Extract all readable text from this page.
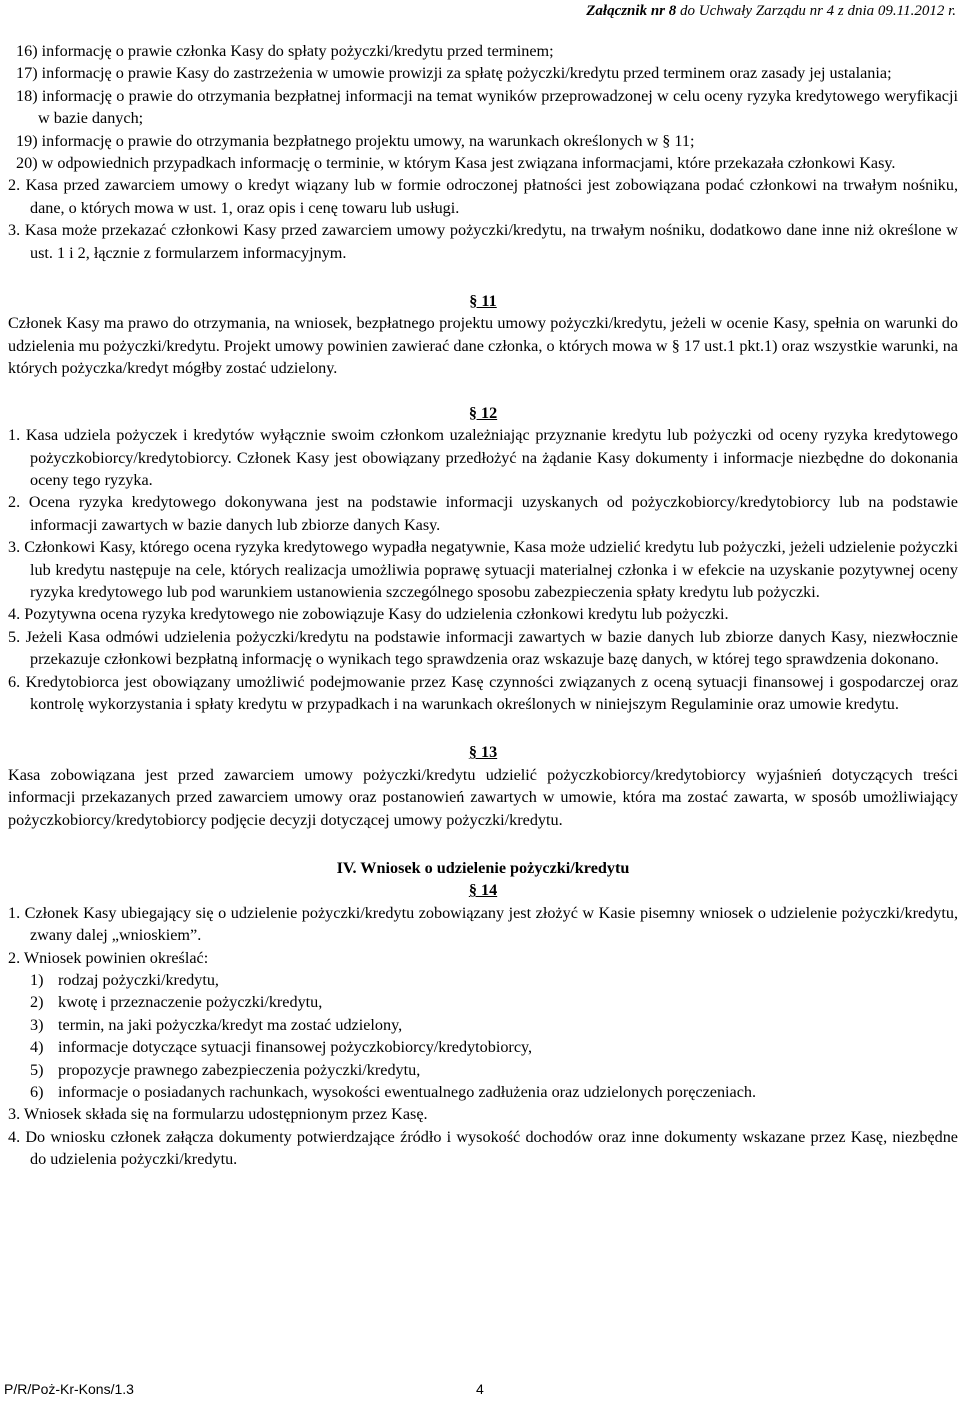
Załącznik nr 8 do Uchwały Zarządu nr 4 z dnia 09.11.2012 r.
16) informację o prawie członka Kasy do spłaty pożyczki/kredytu przed terminem;
17) informację o prawie Kasy do zastrzeżenia w umowie prowizji za spłatę pożyczki/kredytu przed terminem oraz zasady jej ustalania;
18) informację o prawie do otrzymania bezpłatnej informacji na temat wyników przeprowadzonej w celu oceny ryzyka kredytowego weryfikacji w bazie danych;
19) informację o prawie do otrzymania bezpłatnego projektu umowy, na warunkach określonych w § 11;
20) w odpowiednich przypadkach informację o terminie, w którym Kasa jest związana informacjami, które przekazała członkowi Kasy.
2. Kasa przed zawarciem umowy o kredyt wiązany lub w formie odroczonej płatności jest zobowiązana podać członkowi na trwałym nośniku, dane, o których mowa w ust. 1, oraz opis i cenę towaru lub usługi.
3. Kasa może przekazać członkowi Kasy przed zawarciem umowy pożyczki/kredytu, na trwałym nośniku, dodatkowo dane inne niż określone w ust. 1 i 2, łącznie z formularzem informacyjnym.
§ 11
Członek Kasy ma prawo do otrzymania, na wniosek, bezpłatnego projektu umowy pożyczki/kredytu, jeżeli w ocenie Kasy, spełnia on warunki do udzielenia mu pożyczki/kredytu. Projekt umowy powinien zawierać dane członka, o których mowa w § 17 ust.1 pkt.1) oraz wszystkie warunki, na których pożyczka/kredyt mógłby zostać udzielony.
§ 12
1. Kasa udziela pożyczek i kredytów wyłącznie swoim członkom uzależniając przyznanie kredytu lub pożyczki od oceny ryzyka kredytowego pożyczkobiorcy/kredytobiorcy. Członek Kasy jest obowiązany przedłożyć na żądanie Kasy dokumenty i informacje niezbędne do dokonania oceny tego ryzyka.
2. Ocena ryzyka kredytowego dokonywana jest na podstawie informacji uzyskanych od pożyczkobiorcy/kredytobiorcy lub na podstawie informacji zawartych w bazie danych lub zbiorze danych Kasy.
3. Członkowi Kasy, którego ocena ryzyka kredytowego wypadła negatywnie, Kasa może udzielić kredytu lub pożyczki, jeżeli udzielenie pożyczki lub kredytu następuje na cele, których realizacja umożliwia poprawę sytuacji materialnej członka i w efekcie na uzyskanie pozytywnej oceny ryzyka kredytowego lub pod warunkiem ustanowienia szczególnego sposobu zabezpieczenia spłaty kredytu lub pożyczki.
4. Pozytywna ocena ryzyka kredytowego nie zobowiązuje Kasy do udzielenia członkowi kredytu lub pożyczki.
5. Jeżeli Kasa odmówi udzielenia pożyczki/kredytu na podstawie informacji zawartych w bazie danych lub zbiorze danych Kasy, niezwłocznie przekazuje członkowi bezpłatną informację o wynikach tego sprawdzenia oraz wskazuje bazę danych, w której tego sprawdzenia dokonano.
6. Kredytobiorca jest obowiązany umożliwić podejmowanie przez Kasę czynności związanych z oceną sytuacji finansowej i gospodarczej oraz kontrolę wykorzystania i spłaty kredytu w przypadkach i na warunkach określonych w niniejszym Regulaminie oraz umowie kredytu.
§ 13
Kasa zobowiązana jest przed zawarciem umowy pożyczki/kredytu udzielić pożyczkobiorcy/kredytobiorcy wyjaśnień dotyczących treści informacji przekazanych przed zawarciem umowy oraz postanowień zawartych w umowie, która ma zostać zawarta, w sposób umożliwiający pożyczkobiorcy/kredytobiorcy podjęcie decyzji dotyczącej umowy pożyczki/kredytu.
IV. Wniosek o udzielenie pożyczki/kredytu
§ 14
1. Członek Kasy ubiegający się o udzielenie pożyczki/kredytu zobowiązany jest złożyć w Kasie pisemny wniosek o udzielenie pożyczki/kredytu, zwany dalej „wnioskiem”.
2. Wniosek powinien określać:
1) rodzaj pożyczki/kredytu,
2) kwotę i przeznaczenie pożyczki/kredytu,
3) termin, na jaki pożyczka/kredyt ma zostać udzielony,
4) informacje dotyczące sytuacji finansowej pożyczkobiorcy/kredytobiorcy,
5) propozycje prawnego zabezpieczenia pożyczki/kredytu,
6) informacje o posiadanych rachunkach, wysokości ewentualnego zadłużenia oraz udzielonych poręczeniach.
3. Wniosek składa się na formularzu udostępnionym przez Kasę.
4. Do wniosku członek załącza dokumenty potwierdzające źródło i wysokość dochodów oraz inne dokumenty wskazane przez Kasę, niezbędne do udzielenia pożyczki/kredytu.
P/R/Poż-Kr-Kons/1.3	4
